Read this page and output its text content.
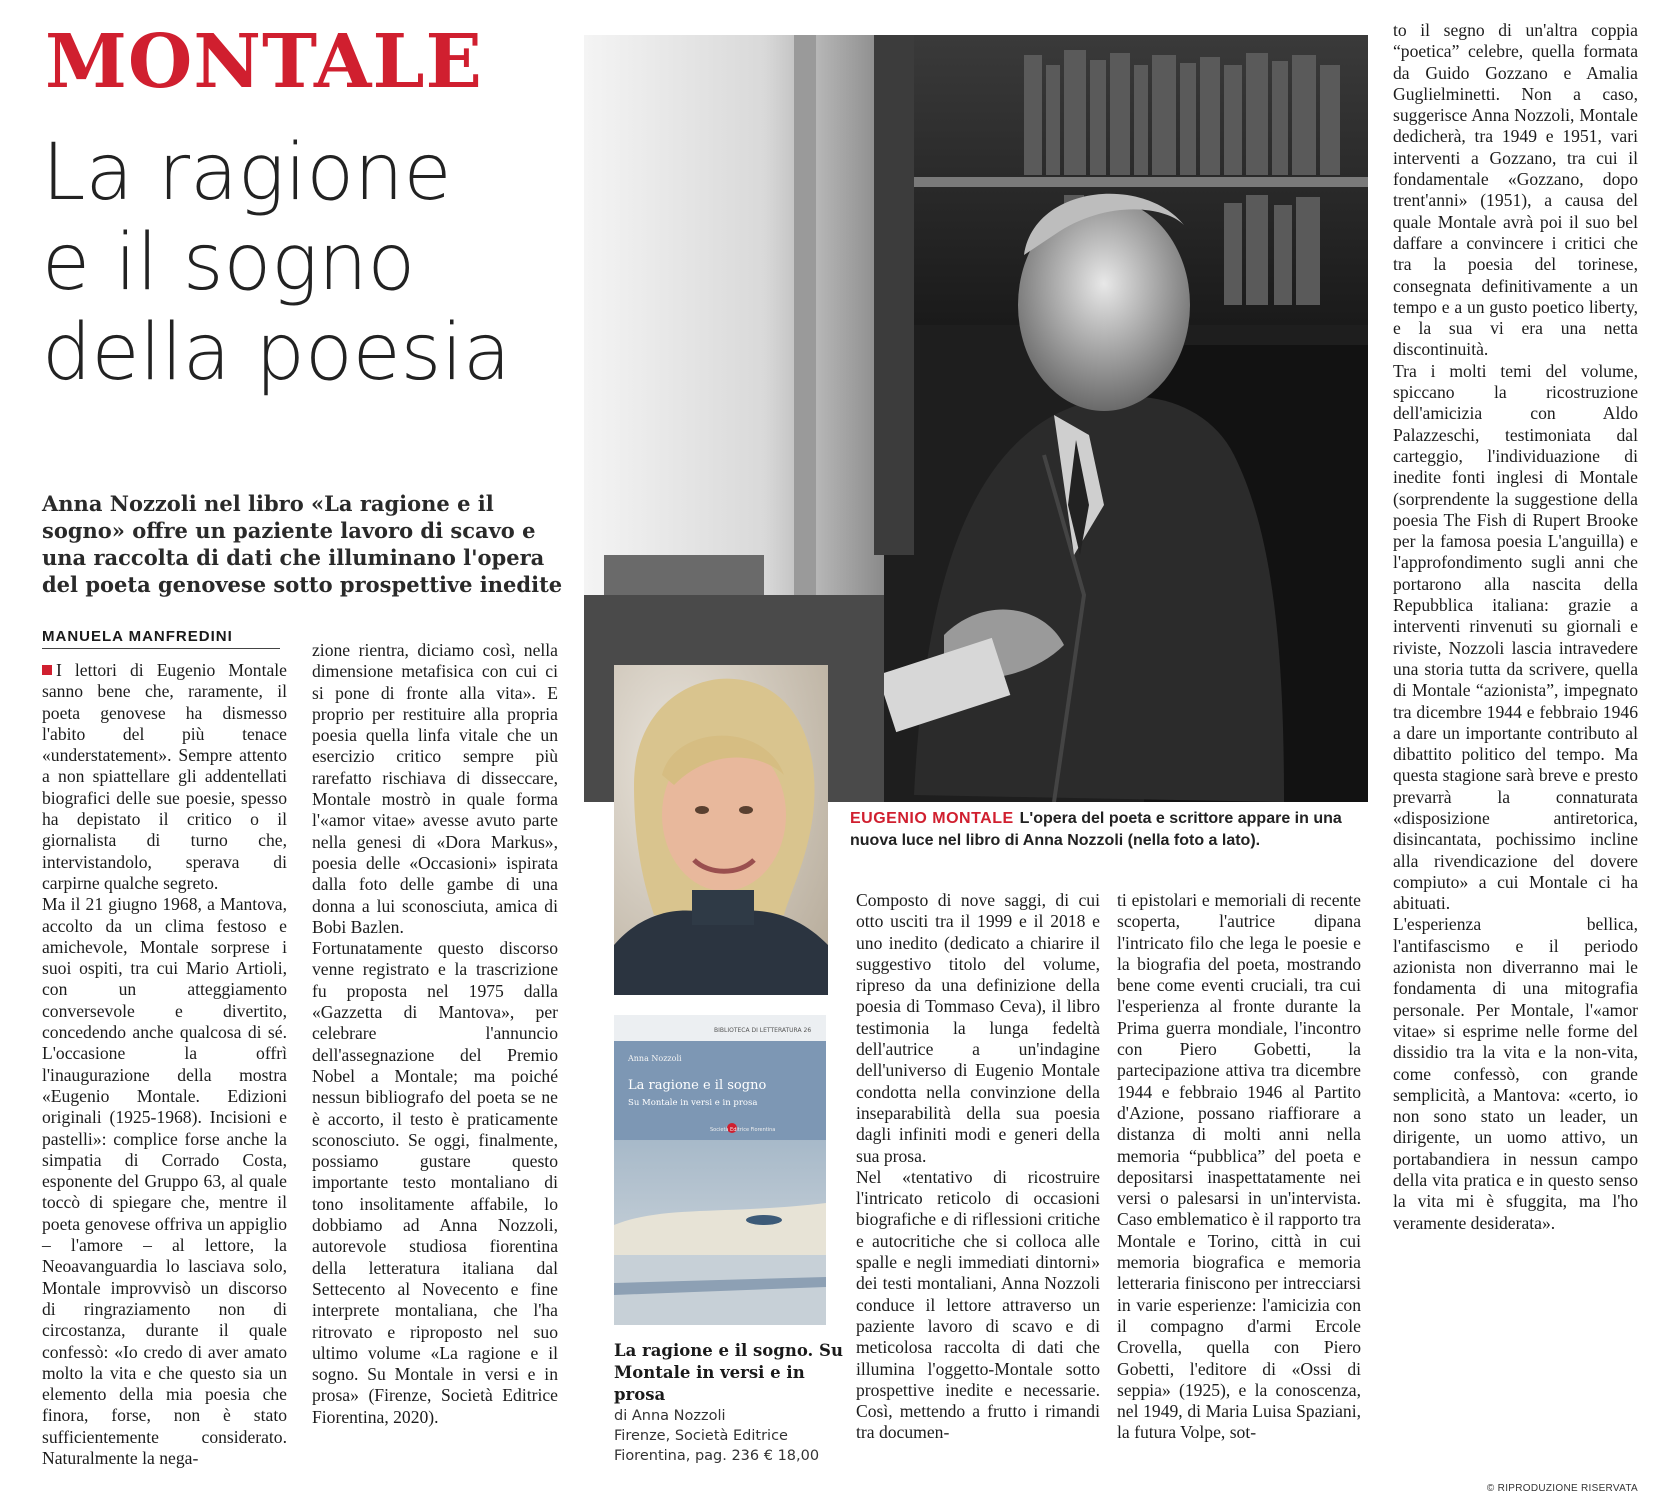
MONTALE
La ragione
e il sogno
della poesia

Anna Nozzoli nel libro «La ragione e il sogno» offre un paziente lavoro di scavo e una raccolta di dati che illuminano l'opera del poeta genovese sotto prospettive inedite

MANUELA MANFREDINI

EUGENIO MONTALE L'opera del poeta e scrittore appare in una nuova luce nel libro di Anna Nozzoli (nella foto a lato).

BIBLIOTECA DI LETTERATURA 26
Anna Nozzoli
La ragione e il sogno
Su Montale in versi e in prosa
Società Editrice Fiorentina
La ragione e il sogno. Su Montale in versi e in prosa
di Anna Nozzoli
Firenze, Società Editrice Fiorentina, pag. 236 € 18,00

I lettori di Eugenio Montale sanno bene che, raramente, il poeta genovese ha dismesso l'abito del più tenace «understatement». Sempre attento a non spiattellare gli addentellati biografici delle sue poesie, spesso ha depistato il critico o il giornalista di turno che, intervistandolo, sperava di carpirne qualche segreto.

Ma il 21 giugno 1968, a Mantova, accolto da un clima festoso e amichevole, Montale sorprese i suoi ospiti, tra cui Mario Artioli, con un atteggiamento conversevole e divertito, concedendo anche qualcosa di sé. L'occasione la offrì l'inaugurazione della mostra «Eugenio Montale. Edizioni originali (1925-1968). Incisioni e pastelli»: complice forse anche la simpatia di Corrado Costa, esponente del Gruppo 63, al quale toccò di spiegare che, mentre il poeta genovese offriva un appiglio – l'amore – al lettore, la Neoavanguardia lo lasciava solo, Montale improvvisò un discorso di ringraziamento non di circostanza, durante il quale confessò: «Io credo di aver amato molto la vita e che questo sia un elemento della mia poesia che finora, forse, non è stato sufficientemente considerato. Naturalmente la nega-

zione rientra, diciamo così, nella dimensione metafisica con cui ci si pone di fronte alla vita». E proprio per restituire alla propria poesia quella linfa vitale che un esercizio critico sempre più rarefatto rischiava di disseccare, Montale mostrò in quale forma l'«amor vitae» avesse avuto parte nella genesi di «Dora Markus», poesia delle «Occasioni» ispirata dalla foto delle gambe di una donna a lui sconosciuta, amica di Bobi Bazlen.

Fortunatamente questo discorso venne registrato e la trascrizione fu proposta nel 1975 dalla «Gazzetta di Mantova», per celebrare l'annuncio dell'assegnazione del Premio Nobel a Montale; ma poiché nessun bibliografo del poeta se ne è accorto, il testo è praticamente sconosciuto. Se oggi, finalmente, possiamo gustare questo importante testo montaliano di tono insolitamente affabile, lo dobbiamo ad Anna Nozzoli, autorevole studiosa fiorentina della letteratura italiana dal Settecento al Novecento e fine interprete montaliana, che l'ha ritrovato e riproposto nel suo ultimo volume «La ragione e il sogno. Su Montale in versi e in prosa» (Firenze, Società Editrice Fiorentina, 2020).

Composto di nove saggi, di cui otto usciti tra il 1999 e il 2018 e uno inedito (dedicato a chiarire il suggestivo titolo del volume, ripreso da una definizione della poesia di Tommaso Ceva), il libro testimonia la lunga fedeltà dell'autrice a un'indagine dell'universo di Eugenio Montale condotta nella convinzione della inseparabilità della sua poesia dagli infiniti modi e generi della sua prosa.

Nel «tentativo di ricostruire l'intricato reticolo di occasioni biografiche e di riflessioni critiche e autocritiche che si colloca alle spalle e negli immediati dintorni» dei testi montaliani, Anna Nozzoli conduce il lettore attraverso un paziente lavoro di scavo e di meticolosa raccolta di dati che illumina l'oggetto-Montale sotto prospettive inedite e necessarie. Così, mettendo a frutto i rimandi tra documen-

ti epistolari e memoriali di recente scoperta, l'autrice dipana l'intricato filo che lega le poesie e la biografia del poeta, mostrando bene come eventi cruciali, tra cui l'esperienza al fronte durante la Prima guerra mondiale, l'incontro con Piero Gobetti, la partecipazione attiva tra dicembre 1944 e febbraio 1946 al Partito d'Azione, possano riaffiorare a distanza di molti anni nella memoria “pubblica” del poeta e depositarsi inaspettatamente nei versi o palesarsi in un'intervista. Caso emblematico è il rapporto tra Montale e Torino, città in cui memoria biografica e memoria letteraria finiscono per intrecciarsi in varie esperienze: l'amicizia con il compagno d'armi Ercole Crovella, quella con Piero Gobetti, l'editore di «Ossi di seppia» (1925), e la conoscenza, nel 1949, di Maria Luisa Spaziani, la futura Volpe, sot-

to il segno di un'altra coppia “poetica” celebre, quella formata da Guido Gozzano e Amalia Guglielminetti. Non a caso, suggerisce Anna Nozzoli, Montale dedicherà, tra 1949 e 1951, vari interventi a Gozzano, tra cui il fondamentale «Gozzano, dopo trent'anni» (1951), a causa del quale Montale avrà poi il suo bel daffare a convincere i critici che tra la poesia del torinese, consegnata definitivamente a un tempo e a un gusto poetico liberty, e la sua vi era una netta discontinuità.

Tra i molti temi del volume, spiccano la ricostruzione dell'amicizia con Aldo Palazzeschi, testimoniata dal carteggio, l'individuazione di inedite fonti inglesi di Montale (sorprendente la suggestione della poesia The Fish di Rupert Brooke per la famosa poesia L'anguilla) e l'approfondimento sugli anni che portarono alla nascita della Repubblica italiana: grazie a interventi rinvenuti su giornali e riviste, Nozzoli lascia intravedere una storia tutta da scrivere, quella di Montale “azionista”, impegnato tra dicembre 1944 e febbraio 1946 a dare un importante contributo al dibattito politico del tempo. Ma questa stagione sarà breve e presto prevarrà la connaturata «disposizione antiretorica, disincantata, pochissimo incline alla rivendicazione del dovere compiuto» a cui Montale ci ha abituati.

L'esperienza bellica, l'antifascismo e il periodo azionista non diverranno mai le fondamenta di una mitografia personale. Per Montale, l'«amor vitae» si esprime nelle forme del dissidio tra la vita e la non-vita, come confessò, con grande semplicità, a Mantova: «certo, io non sono stato un leader, un dirigente, un uomo attivo, un portabandiera in nessun campo della vita pratica e in questo senso la vita mi è sfuggita, ma l'ho veramente desiderata».

© RIPRODUZIONE RISERVATA
